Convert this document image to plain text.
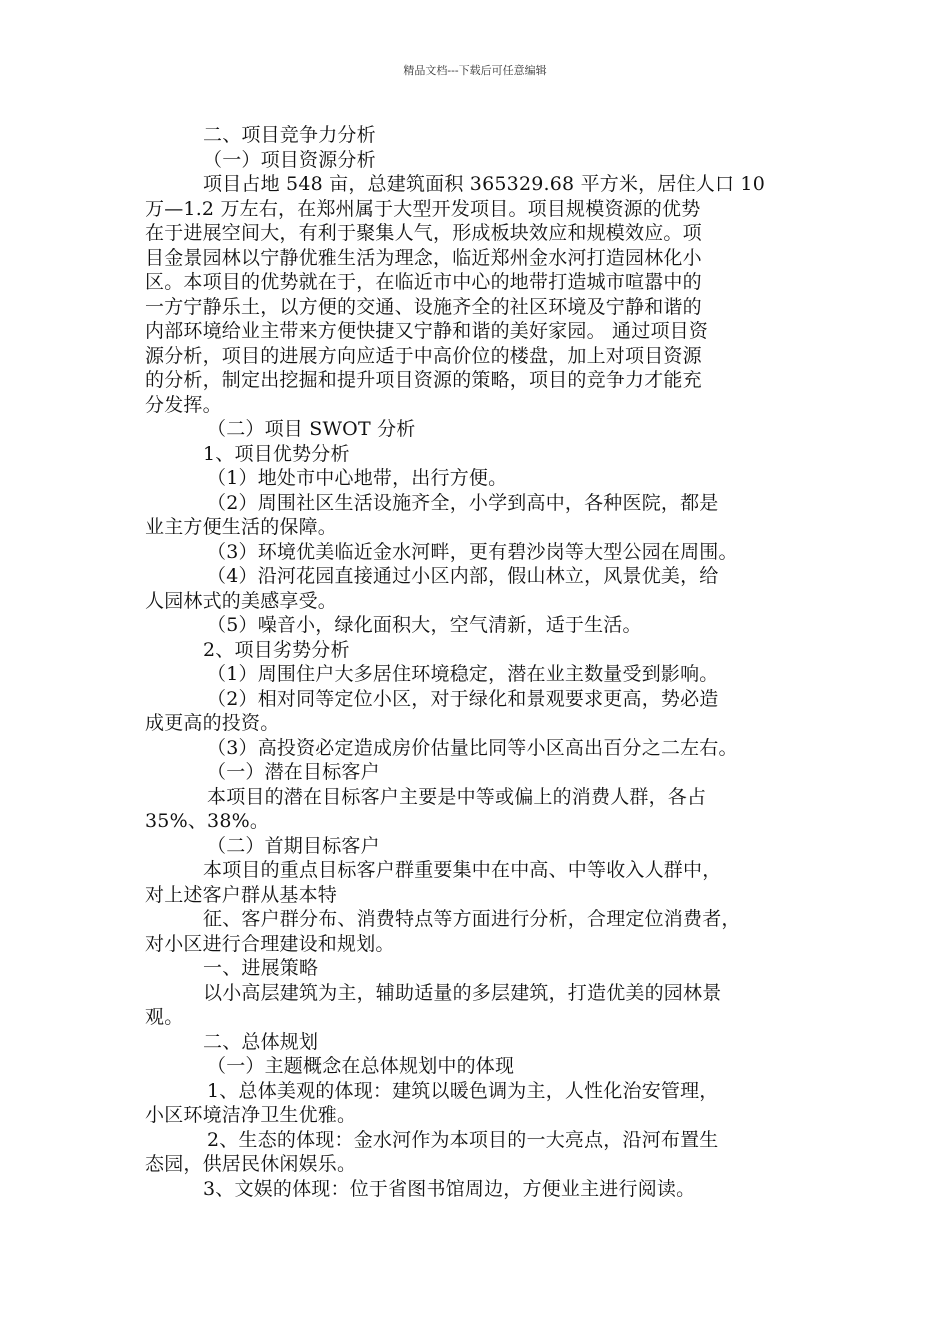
精品文档---下载后可任意编辑
二、项目竞争力分析
（一）项目资源分析
项目占地 548 亩，总建筑面积 365329.68 平方米，居住人口 10
万—1.2 万左右，在郑州属于大型开发项目。项目规模资源的优势
在于进展空间大，有利于聚集人气，形成板块效应和规模效应。项
目金景园林以宁静优雅生活为理念，临近郑州金水河打造园林化小
区。本项目的优势就在于，在临近市中心的地带打造城市喧嚣中的
一方宁静乐土，以方便的交通、设施齐全的社区环境及宁静和谐的
内部环境给业主带来方便快捷又宁静和谐的美好家园。 通过项目资
源分析，项目的进展方向应适于中高价位的楼盘，加上对项目资源
的分析，制定出挖掘和提升项目资源的策略，项目的竞争力才能充
分发挥。
（二）项目 SWOT 分析
1、项目优势分析
（1）地处市中心地带，出行方便。
（2）周围社区生活设施齐全，小学到高中，各种医院，都是
业主方便生活的保障。
（3）环境优美临近金水河畔，更有碧沙岗等大型公园在周围。
（4）沿河花园直接通过小区内部，假山林立，风景优美，给
人园林式的美感享受。
（5）噪音小，绿化面积大，空气清新，适于生活。
2、项目劣势分析
（1）周围住户大多居住环境稳定，潜在业主数量受到影响。
（2）相对同等定位小区，对于绿化和景观要求更高，势必造
成更高的投资。
（3）高投资必定造成房价估量比同等小区高出百分之二左右。
（一）潜在目标客户
本项目的潜在目标客户主要是中等或偏上的消费人群，各占
35%、38%。
（二）首期目标客户
本项目的重点目标客户群重要集中在中高、中等收入人群中，
对上述客户群从基本特
征、客户群分布、消费特点等方面进行分析，合理定位消费者，
对小区进行合理建设和规划。
一、进展策略
以小高层建筑为主，辅助适量的多层建筑，打造优美的园林景
观。
二、总体规划
（一）主题概念在总体规划中的体现
1、总体美观的体现：建筑以暖色调为主，人性化治安管理，
小区环境洁净卫生优雅。
2、生态的体现：金水河作为本项目的一大亮点，沿河布置生
态园，供居民休闲娱乐。
3、文娱的体现：位于省图书馆周边，方便业主进行阅读。
